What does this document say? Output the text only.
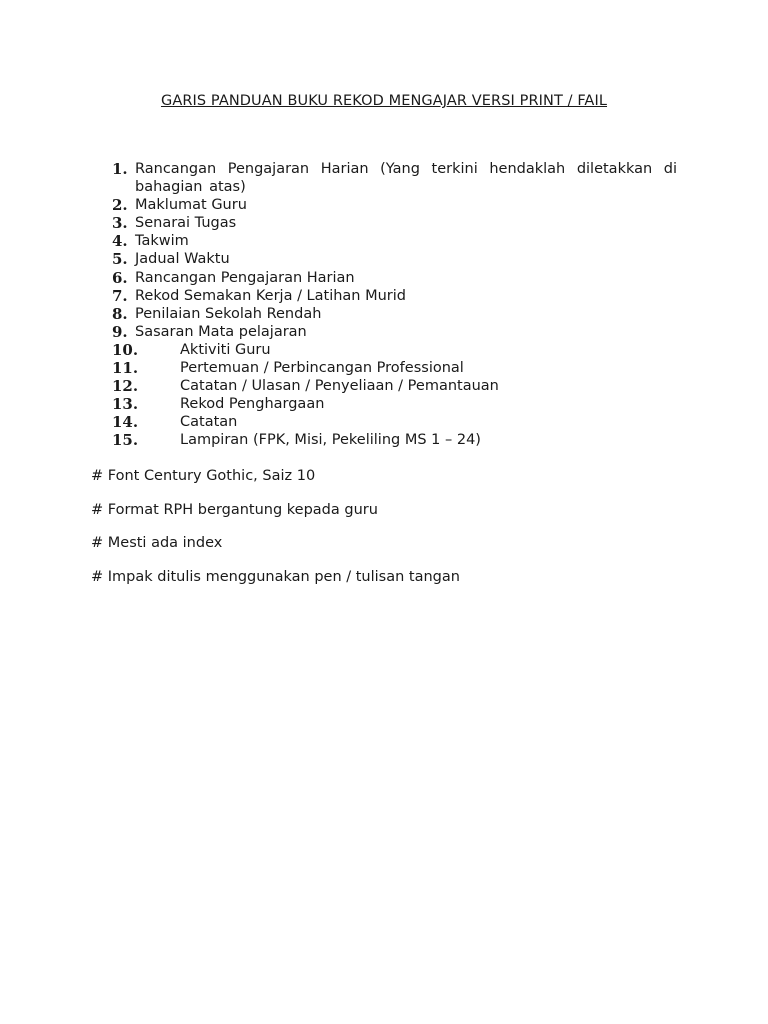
GARIS PANDUAN BUKU REKOD MENGAJAR VERSI PRINT / FAIL
1. Rancangan Pengajaran Harian (Yang terkini hendaklah diletakkan di bahagian atas)
2. Maklumat Guru
3. Senarai Tugas
4. Takwim
5. Jadual Waktu
6. Rancangan Pengajaran Harian
7. Rekod Semakan Kerja / Latihan Murid
8. Penilaian Sekolah Rendah
9. Sasaran Mata pelajaran
10.	Aktiviti Guru
11.	Pertemuan / Perbincangan Professional
12.	Catatan / Ulasan / Penyeliaan / Pemantauan
13.	Rekod Penghargaan
14.	Catatan
15.	Lampiran (FPK, Misi, Pekeliling MS 1 – 24)

# Font Century Gothic, Saiz 10

# Format RPH bergantung kepada guru

# Mesti ada index

# Impak ditulis menggunakan pen / tulisan tangan
